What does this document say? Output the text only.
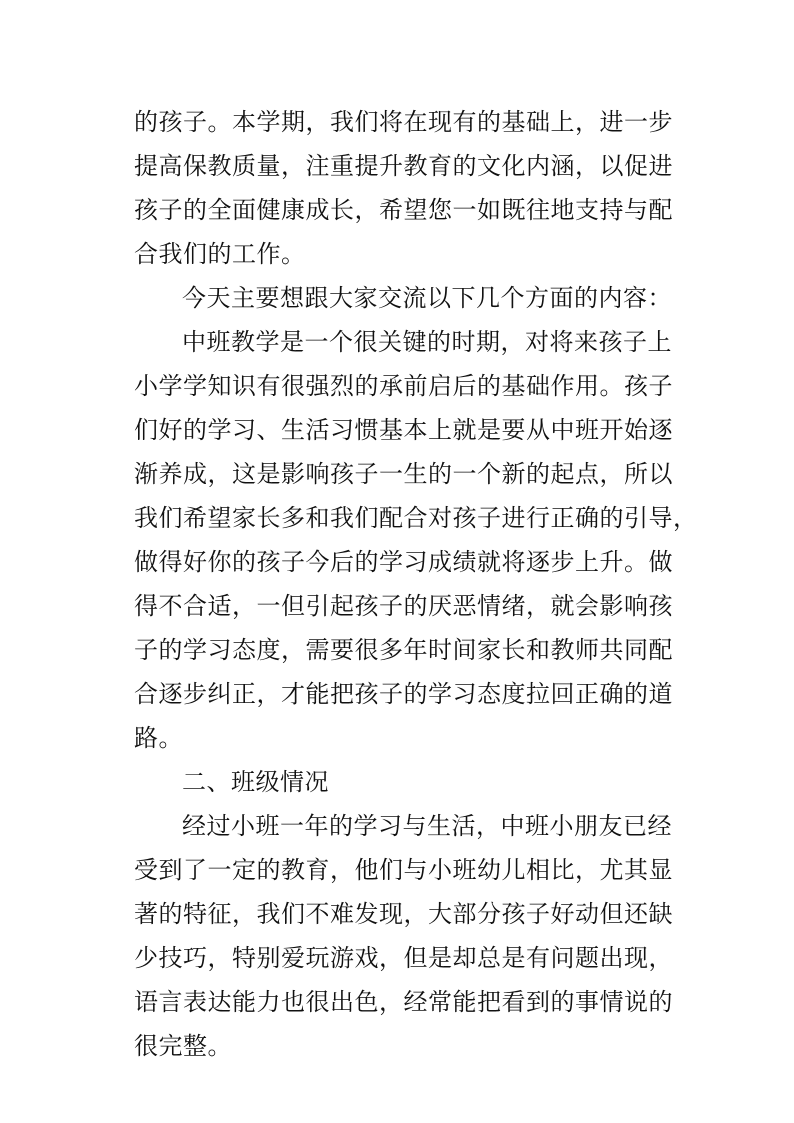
的孩子。本学期，我们将在现有的基础上，进一步
提高保教质量，注重提升教育的文化内涵，以促进
孩子的全面健康成长，希望您一如既往地支持与配
合我们的工作。
今天主要想跟大家交流以下几个方面的内容：
中班教学是一个很关键的时期，对将来孩子上
小学学知识有很强烈的承前启后的基础作用。孩子
们好的学习、生活习惯基本上就是要从中班开始逐
渐养成，这是影响孩子一生的一个新的起点，所以
我们希望家长多和我们配合对孩子进行正确的引导，
做得好你的孩子今后的学习成绩就将逐步上升。做
得不合适，一但引起孩子的厌恶情绪，就会影响孩
子的学习态度，需要很多年时间家长和教师共同配
合逐步纠正，才能把孩子的学习态度拉回正确的道
路。
二、班级情况
经过小班一年的学习与生活，中班小朋友已经
受到了一定的教育，他们与小班幼儿相比，尤其显
著的特征，我们不难发现，大部分孩子好动但还缺
少技巧，特别爱玩游戏，但是却总是有问题出现，
语言表达能力也很出色，经常能把看到的事情说的
很完整。
